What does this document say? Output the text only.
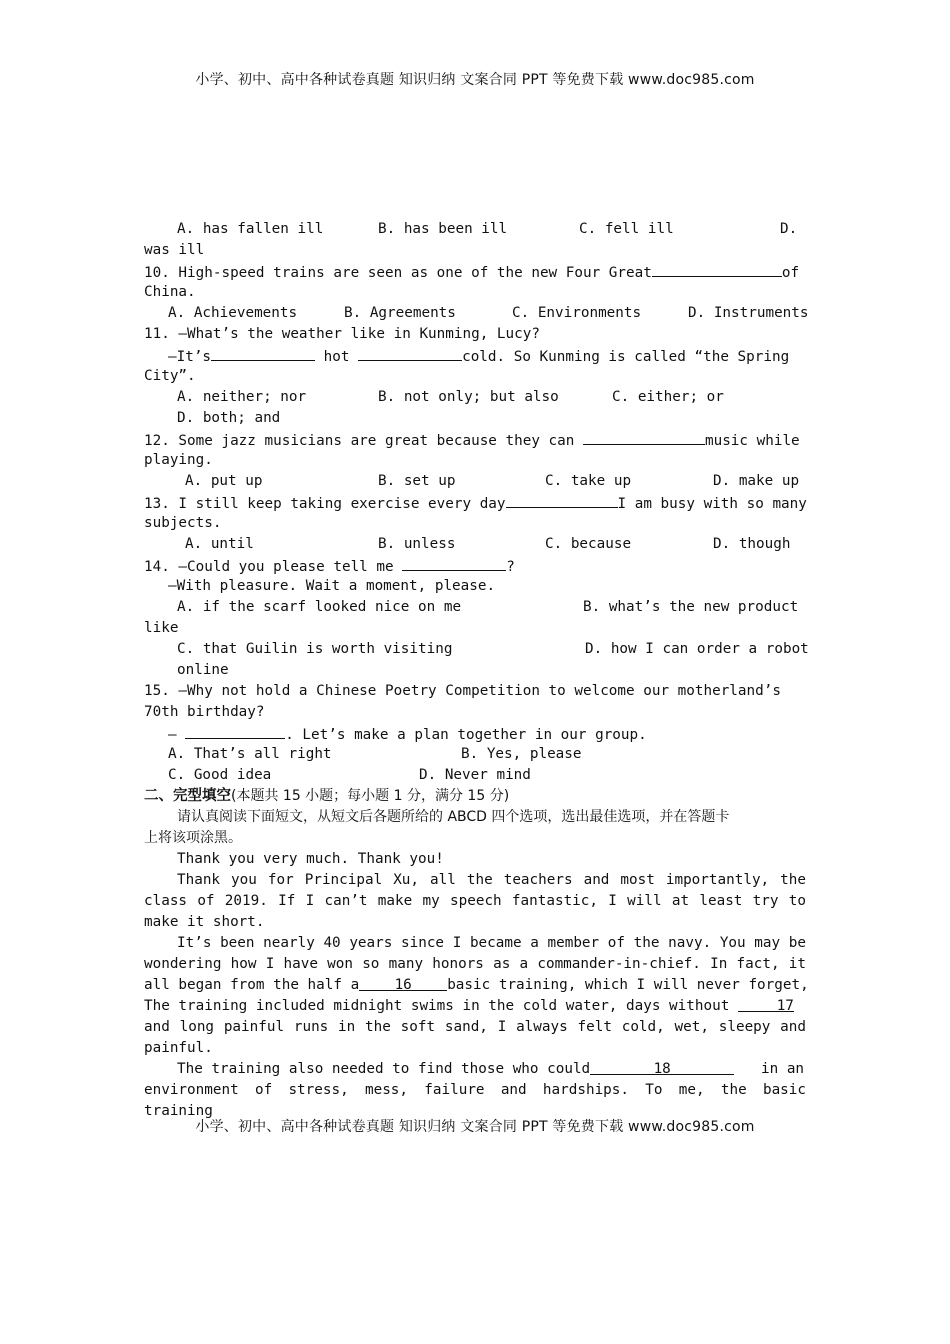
小学、初中、高中各种试卷真题 知识归纳 文案合同 PPT 等免费下载 www.doc985.com
A. has fallen ill	B. has been ill	C. fell ill	D.
was ill
10. High-speed trains are seen as one of the new Four Great	of
China.
A. Achievements	B. Agreements	C. Environments	D. Instruments
11. —What’s the weather like in Kunming, Lucy?
—It’s	hot	cold. So Kunming is called “the Spring
City”.
A. neither; nor	B. not only; but also	C. either; or
D. both; and
12. Some jazz musicians are great because they can	music while
playing.
A. put up	B. set up	C. take up	D. make up
13. I still keep taking exercise every day	I am busy with so many
subjects.
A. until	B. unless	C. because	D. though
14. —Could you please tell me	?
—With pleasure. Wait a moment, please.
A. if the scarf looked nice on me	B. what’s the new product
like
C. that Guilin is worth visiting	D. how I can order a robot
online
15. —Why not hold a Chinese Poetry Competition to welcome our motherland’s
70th birthday?
—	. Let’s make a plan together in our group.
A. That’s all right	B. Yes, please
C. Good idea	D. Never mind
二、完型填空(本题共 15 小题；每小题 1 分，满分 15 分)
请认真阅读下面短文，从短文后各题所给的 ABCD 四个选项，选出最佳选项，并在答题卡
上将该项涂黑。
Thank you very much. Thank you!
Thank you for Principal Xu, all the teachers and most importantly, the
class of 2019. If I can’t make my speech fantastic, I will at least try to
make it short.
It’s been nearly 40 years since I became a member of the navy. You may be
wondering how I have won so many honors as a commander-in-chief. In fact, it
all began from the half a 16 basic training, which I will never forget,
The training included midnight swims in the cold water, days without	17
and long painful runs in the soft sand, I always felt cold, wet, sleepy and
painful.
The training also needed to find those who could	18	in an
environment of stress, mess, failure and hardships. To me, the basic training
小学、初中、高中各种试卷真题 知识归纳 文案合同 PPT 等免费下载 www.doc985.com
